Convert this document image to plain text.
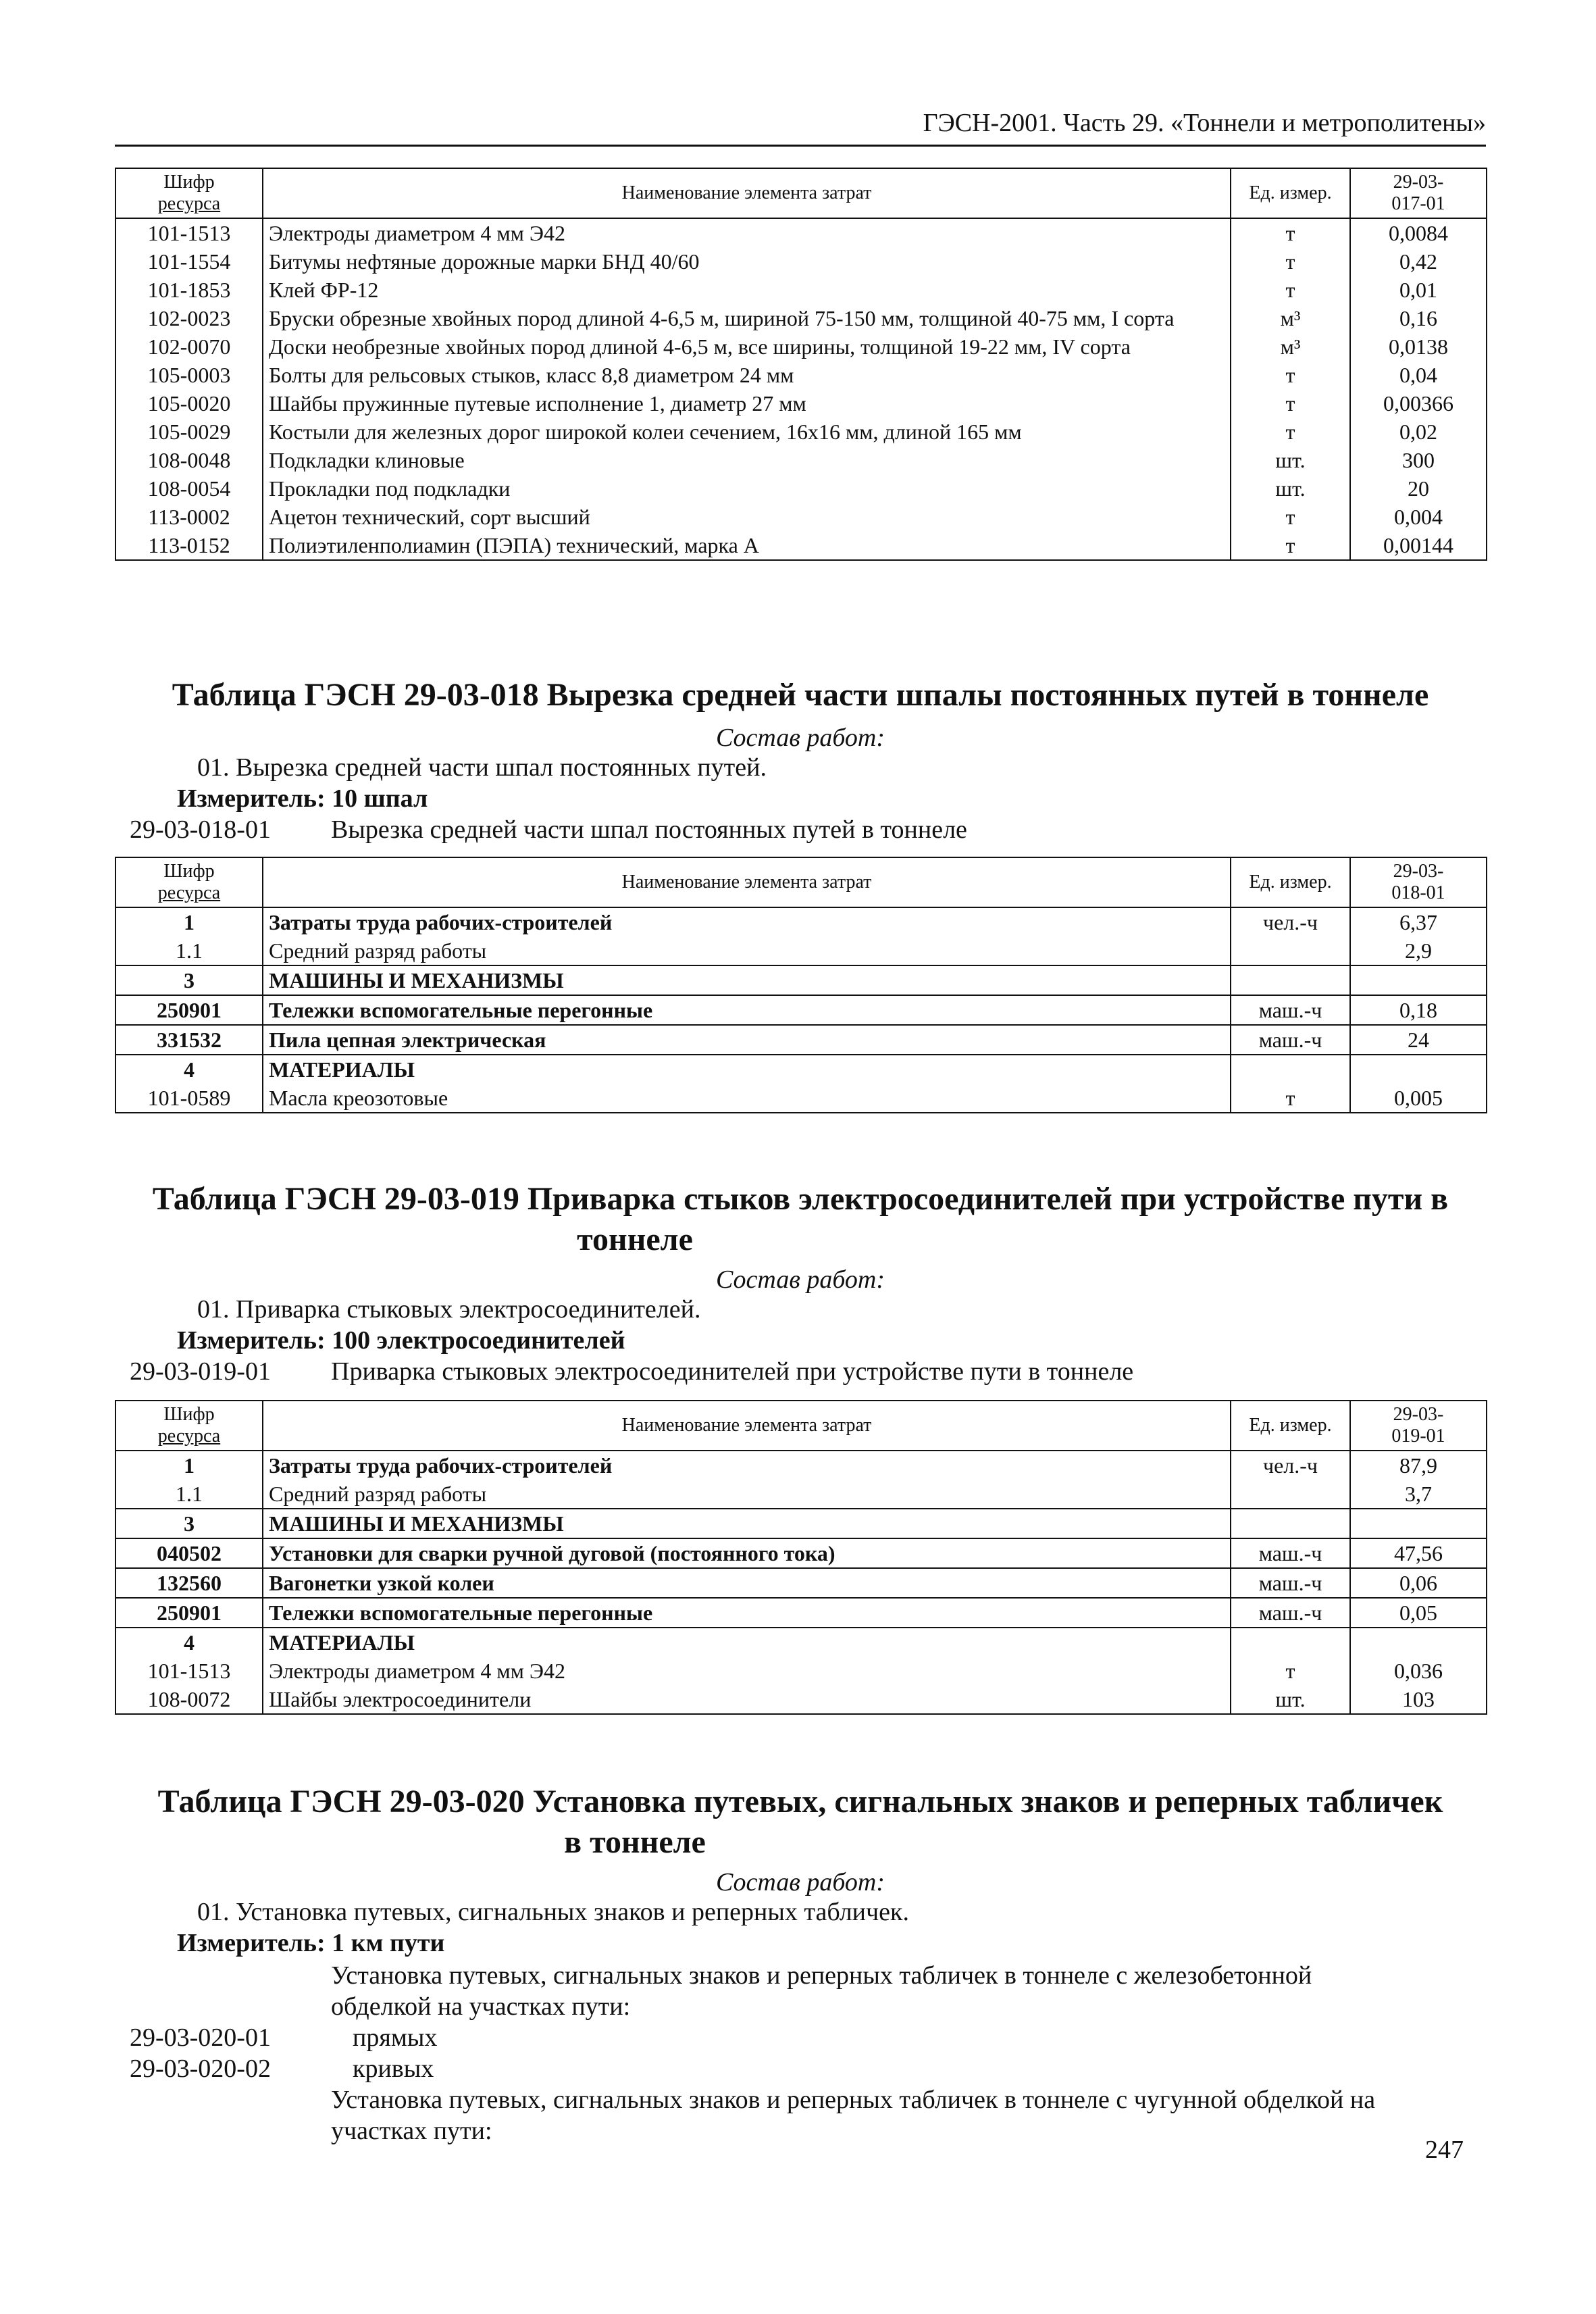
ГЭСН-2001. Часть 29. «Тоннели и метрополитены»
Шифр
ресурса	Наименование элемента затрат	Ед. измер.	29-03-
017-01
101-1513	Электроды диаметром 4 мм Э42	т	0,0084
101-1554	Битумы нефтяные дорожные марки БНД 40/60	т	0,42
101-1853	Клей ФР-12	т	0,01
102-0023	Бруски обрезные хвойных пород длиной 4-6,5 м, шириной 75-150 мм, толщиной 40-75 мм, I сорта	м³	0,16
102-0070	Доски необрезные хвойных пород длиной 4-6,5 м, все ширины, толщиной 19-22 мм, IV сорта	м³	0,0138
105-0003	Болты для рельсовых стыков, класс 8,8 диаметром 24 мм	т	0,04
105-0020	Шайбы пружинные путевые исполнение 1, диаметр 27 мм	т	0,00366
105-0029	Костыли для железных дорог широкой колеи сечением, 16х16 мм, длиной 165 мм	т	0,02
108-0048	Подкладки клиновые	шт.	300
108-0054	Прокладки под подкладки	шт.	20
113-0002	Ацетон технический, сорт высший	т	0,004
113-0152	Полиэтиленполиамин (ПЭПА) технический, марка А	т	0,00144
Таблица ГЭСН 29-03-018 Вырезка средней части шпалы постоянных путей в тоннеле
Состав работ:
01. Вырезка средней части шпал постоянных путей.
Измеритель: 10 шпал
29-03-018-01 Вырезка средней части шпал постоянных путей в тоннеле
Шифр
ресурса	Наименование элемента затрат	Ед. измер.	29-03-
018-01
1	Затраты труда рабочих-строителей	чел.-ч	6,37
1.1	Средний разряд работы		2,9
3	МАШИНЫ И МЕХАНИЗМЫ		
250901	Тележки вспомогательные перегонные	маш.-ч	0,18
331532	Пила цепная электрическая	маш.-ч	24
4	МАТЕРИАЛЫ		
101-0589	Масла креозотовые	т	0,005
Таблица ГЭСН 29-03-019 Приварка стыков электросоединителей при устройстве пути в
тоннеле
Состав работ:
01. Приварка стыковых электросоединителей.
Измеритель: 100 электросоединителей
29-03-019-01 Приварка стыковых электросоединителей при устройстве пути в тоннеле
Шифр
ресурса	Наименование элемента затрат	Ед. измер.	29-03-
019-01
1	Затраты труда рабочих-строителей	чел.-ч	87,9
1.1	Средний разряд работы		3,7
3	МАШИНЫ И МЕХАНИЗМЫ		
040502	Установки для сварки ручной дуговой (постоянного тока)	маш.-ч	47,56
132560	Вагонетки узкой колеи	маш.-ч	0,06
250901	Тележки вспомогательные перегонные	маш.-ч	0,05
4	МАТЕРИАЛЫ		
101-1513	Электроды диаметром 4 мм Э42	т	0,036
108-0072	Шайбы электросоединители	шт.	103
Таблица ГЭСН 29-03-020 Установка путевых, сигнальных знаков и реперных табличек
в тоннеле
Состав работ:
01. Установка путевых, сигнальных знаков и реперных табличек.
Измеритель: 1 км пути
Установка путевых, сигнальных знаков и реперных табличек в тоннеле с железобетонной
обделкой на участках пути:
29-03-020-01	прямых
29-03-020-02	кривых
Установка путевых, сигнальных знаков и реперных табличек в тоннеле с чугунной обделкой на
участках пути:
247
